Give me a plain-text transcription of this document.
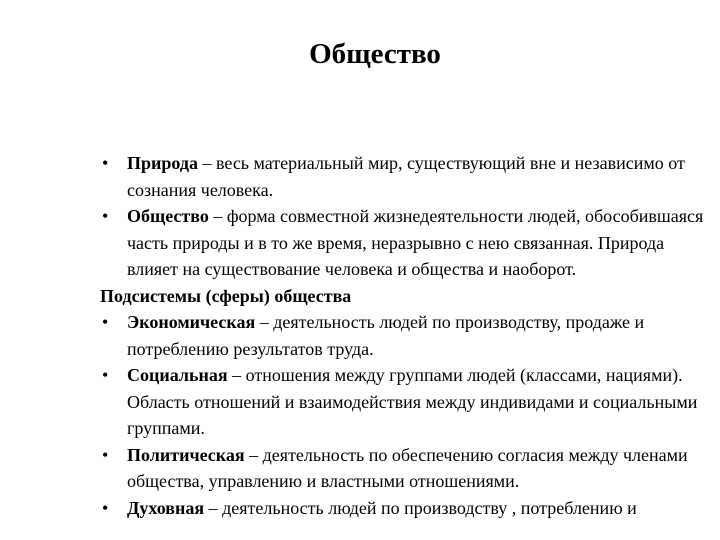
Общество
• Природа – весь материальный мир, существующий вне и независимо от сознания человека.
• Общество – форма совместной жизнедеятельности людей, обособившаяся часть природы и в то же время, неразрывно с нею связанная. Природа влияет на существование человека и общества и наоборот.
Подсистемы (сферы) общества
• Экономическая – деятельность людей по производству, продаже и потреблению результатов труда.
• Социальная – отношения между группами людей (классами, нациями). Область отношений и взаимодействия между индивидами и социальными группами.
• Политическая – деятельность по обеспечению согласия между членами общества, управлению и властными отношениями.
• Духовная – деятельность людей по производству , потреблению и
